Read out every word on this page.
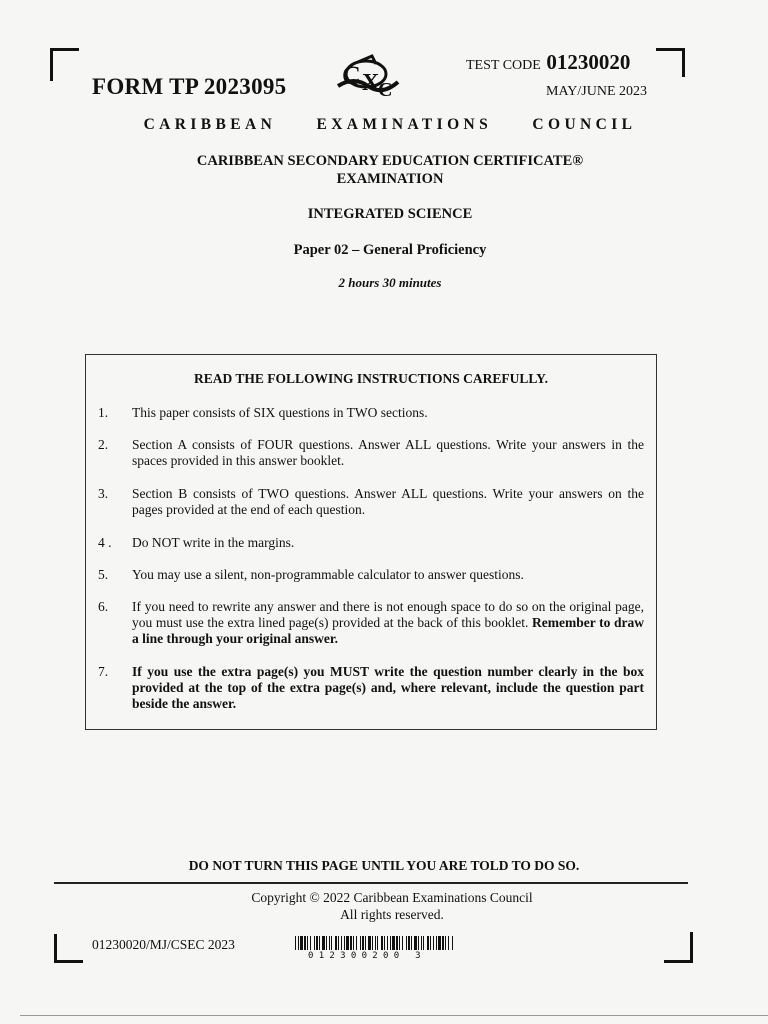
FORM TP 2023095 C X
C
TEST CODE 01230020
MAY/JUNE 2023
CARIBBEAN EXAMINATIONS COUNCIL
CARIBBEAN SECONDARY EDUCATION CERTIFICATE®
EXAMINATION
INTEGRATED SCIENCE
Paper 02 – General Proficiency
2 hours 30 minutes
READ THE FOLLOWING INSTRUCTIONS CAREFULLY.
1. This paper consists of SIX questions in TWO sections.
2. Section A consists of FOUR questions. Answer ALL questions. Write your answers in the spaces provided in this answer booklet.
3. Section B consists of TWO questions. Answer ALL questions. Write your answers on the pages provided at the end of each question.
4 . Do NOT write in the margins.
5. You may use a silent, non-programmable calculator to answer questions.
6. If you need to rewrite any answer and there is not enough space to do so on the original page, you must use the extra lined page(s) provided at the back of this booklet. Remember to draw a line through your original answer.
7. If you use the extra page(s) you MUST write the question number clearly in the box provided at the top of the extra page(s) and, where relevant, include the question part beside the answer.
DO NOT TURN THIS PAGE UNTIL YOU ARE TOLD TO DO SO.
Copyright © 2022 Caribbean Examinations Council
All rights reserved.
01230020/MJ/CSEC 2023
012300200 3
